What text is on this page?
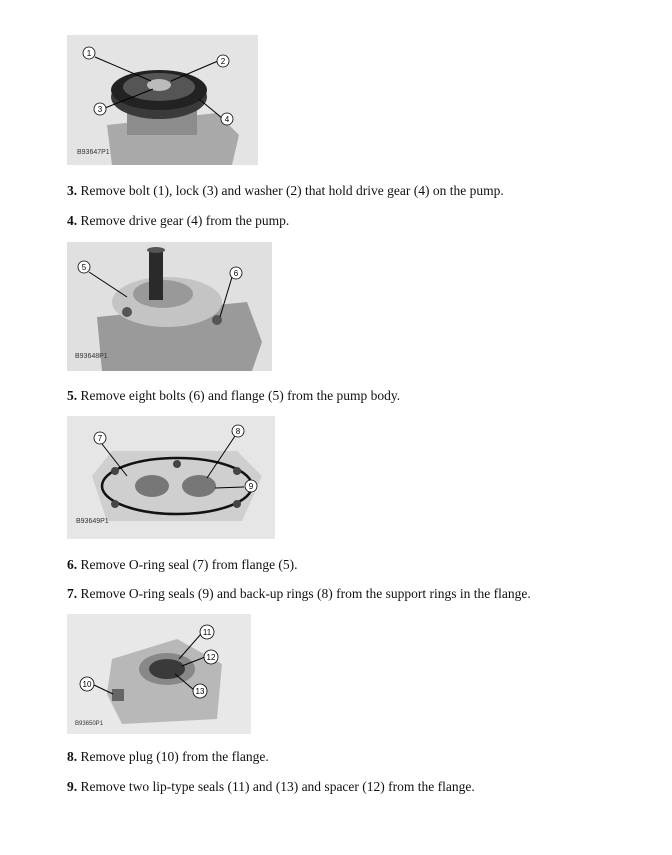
1
2
3
4
B93647P1
3. Remove bolt (1), lock (3) and washer (2) that hold drive gear (4) on the pump.
4. Remove drive gear (4) from the pump.
5
6
B93648P1
5. Remove eight bolts (6) and flange (5) from the pump body.
7
8
9
B93649P1
6. Remove O-ring seal (7) from flange (5).
7. Remove O-ring seals (9) and back-up rings (8) from the support rings in the flange.
11
12
10
13
B93650P1
8. Remove plug (10) from the flange.
9. Remove two lip-type seals (11) and (13) and spacer (12) from the flange.
